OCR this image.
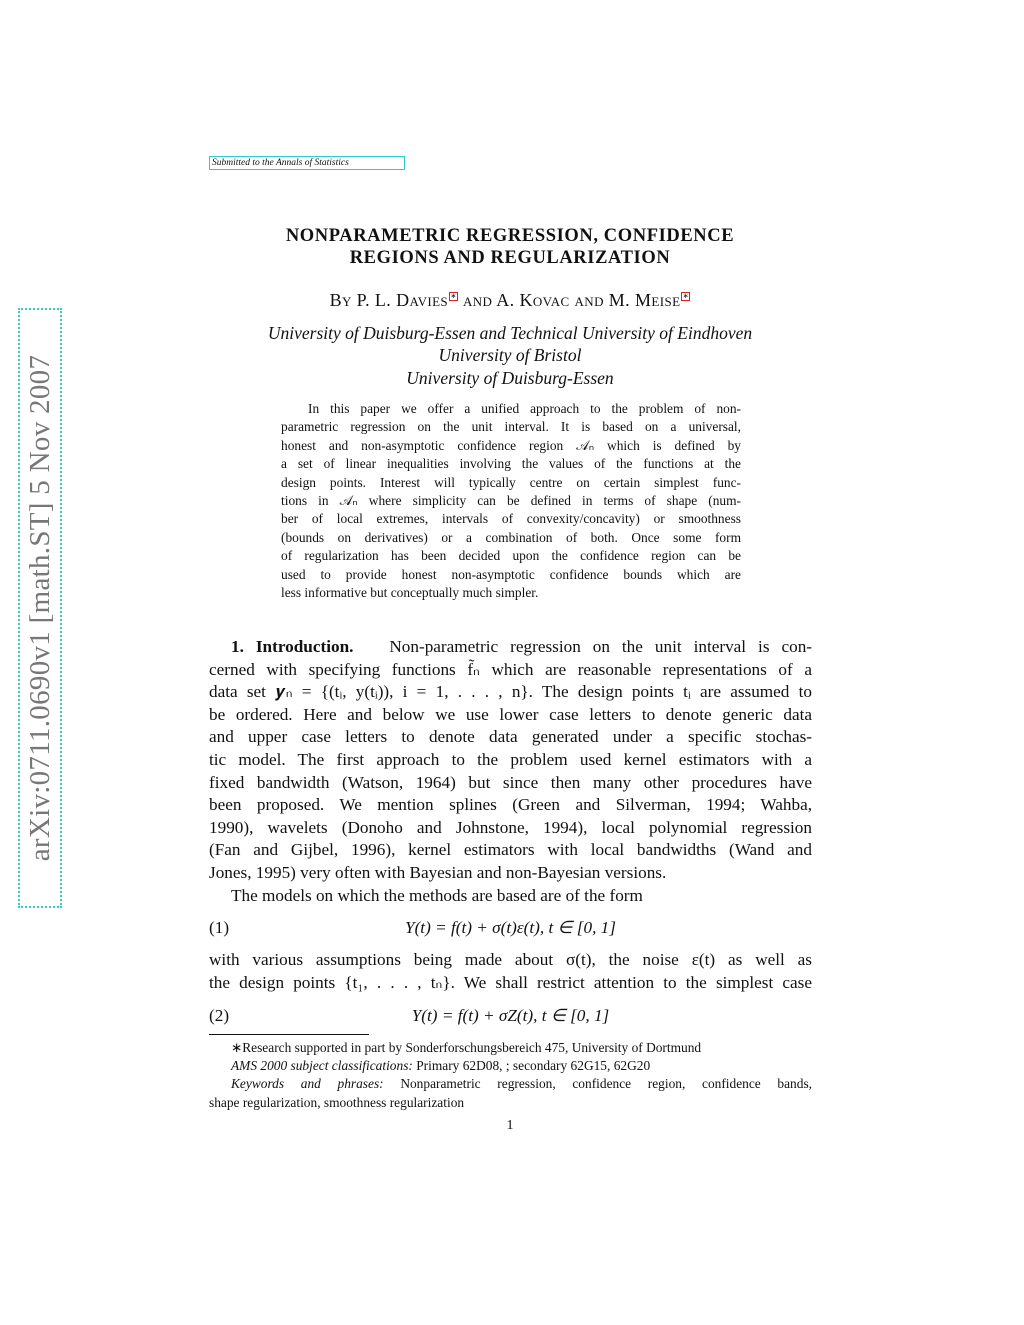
Submitted to the Annals of Statistics
arXiv:0711.0690v1 [math.ST] 5 Nov 2007
NONPARAMETRIC REGRESSION, CONFIDENCE
REGIONS AND REGULARIZATION
By P. L. Davies ∗ and A. Kovac and M. Meise ∗
University of Duisburg-Essen and Technical University of Eindhoven
University of Bristol
University of Duisburg-Essen
In this paper we offer a unified approach to the problem of non-
parametric regression on the unit interval. It is based on a universal,
honest and non-asymptotic confidence region 𝒜ₙ which is defined by
a set of linear inequalities involving the values of the functions at the
design points. Interest will typically centre on certain simplest func-
tions in 𝒜ₙ where simplicity can be defined in terms of shape (num-
ber of local extremes, intervals of convexity/concavity) or smoothness
(bounds on derivatives) or a combination of both. Once some form
of regularization has been decided upon the confidence region can be
used to provide honest non-asymptotic confidence bounds which are
less informative but conceptually much simpler.
1. Introduction. Non-parametric regression on the unit interval is con-
cerned with specifying functions f̃ₙ which are reasonable representations of a
data set 𝒚ₙ = {(tᵢ, y(tᵢ)), i = 1, . . . , n}. The design points tᵢ are assumed to
be ordered. Here and below we use lower case letters to denote generic data
and upper case letters to denote data generated under a specific stochas-
tic model. The first approach to the problem used kernel estimators with a
fixed bandwidth (Watson, 1964) but since then many other procedures have
been proposed. We mention splines (Green and Silverman, 1994; Wahba,
1990), wavelets (Donoho and Johnstone, 1994), local polynomial regression
(Fan and Gijbel, 1996), kernel estimators with local bandwidths (Wand and
Jones, 1995) very often with Bayesian and non-Bayesian versions.
The models on which the methods are based are of the form
(1)	Y(t) = f(t) + σ(t)ε(t), t ∈ [0, 1]
with various assumptions being made about σ(t), the noise ε(t) as well as
the design points {t₁, . . . , tₙ}. We shall restrict attention to the simplest case
(2)	Y(t) = f(t) + σZ(t), t ∈ [0, 1]
∗Research supported in part by Sonderforschungsbereich 475, University of Dortmund
AMS 2000 subject classifications: Primary 62D08, ; secondary 62G15, 62G20
Keywords and phrases: Nonparametric regression, confidence region, confidence bands,
shape regularization, smoothness regularization
1
